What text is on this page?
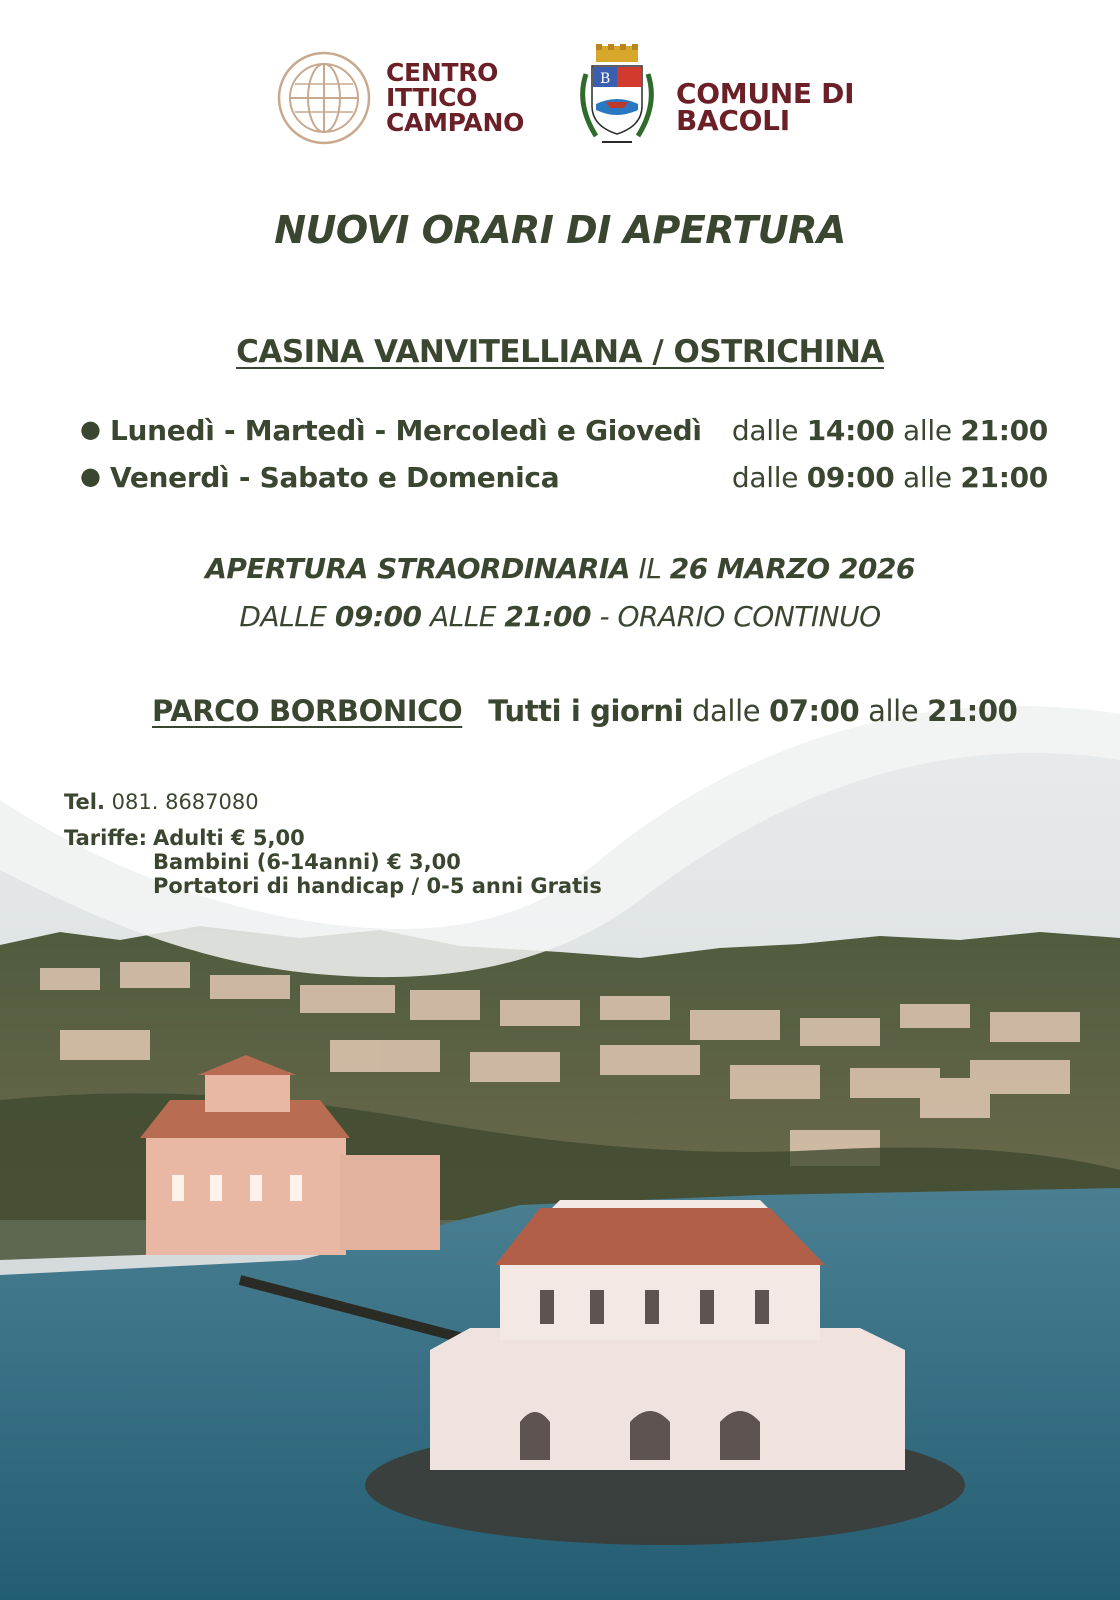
CENTRO
ITTICO
CAMPANO
B COMUNE DI
BACOLI
NUOVI ORARI DI APERTURA
CASINA VANVITELLIANA / OSTRICHINA
● Lunedì - Martedì - Mercoledì e Giovedì dalle 14:00 alle 21:00
● Venerdì - Sabato e Domenica	dalle 09:00 alle 21:00
APERTURA STRAORDINARIA IL 26 MARZO 2026
DALLE 09:00 ALLE 21:00 - ORARIO CONTINUO
PARCO BORBONICO Tutti i giorni dalle 07:00 alle 21:00
Tel. 081. 8687080
Tariffe: Adulti € 5,00
Bambini (6-14anni) € 3,00
Portatori di handicap / 0-5 anni Gratis
